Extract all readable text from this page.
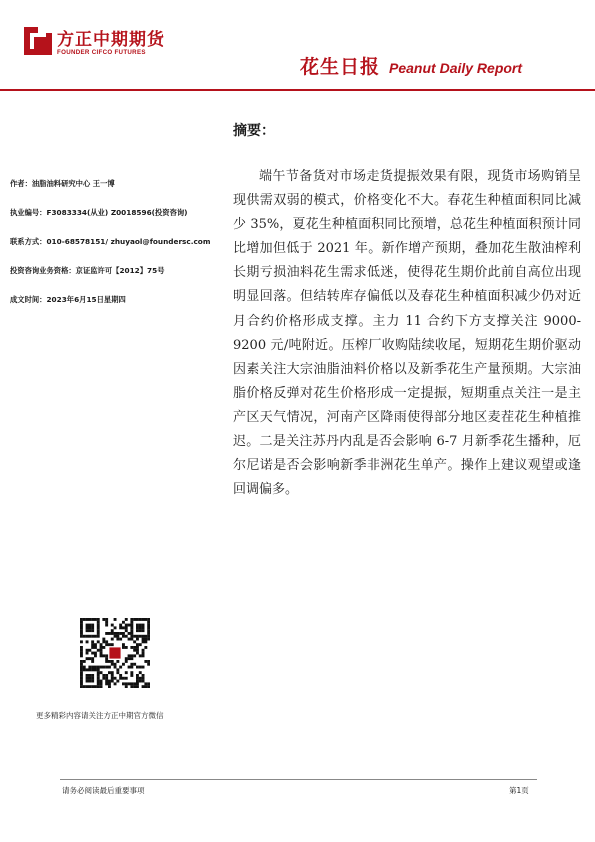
方正中期期货
FOUNDER CIFCO FUTURES
花生日报 Peanut Daily Report
作者：油脂油料研究中心 王一博
执业编号：F3083334(从业) Z0018596(投资咨询)
联系方式：010-68578151/ zhuyaol@foundersc.com
投资咨询业务资格：京证监许可【2012】75号
成文时间：2023年6月15日星期四
更多精彩内容请关注方正中期官方微信
摘要：
端午节备货对市场走货提振效果有限，现货市场购销呈现供需双弱的模式，价格变化不大。春花生种植面积同比减少 35%，夏花生种植面积同比预增，总花生种植面积预计同比增加但低于 2021 年。新作增产预期，叠加花生散油榨利长期亏损油料花生需求低迷，使得花生期价此前自高位出现明显回落。但结转库存偏低以及春花生种植面积减少仍对近月合约价格形成支撑。主力 11 合约下方支撑关注 9000-9200 元/吨附近。压榨厂收购陆续收尾，短期花生期价驱动因素关注大宗油脂油料价格以及新季花生产量预期。大宗油脂价格反弹对花生价格形成一定提振，短期重点关注一是主产区天气情况，河南产区降雨使得部分地区麦茬花生种植推迟。二是关注苏丹内乱是否会影响 6-7 月新季花生播种，厄尔尼诺是否会影响新季非洲花生单产。操作上建议观望或逢回调偏多。
请务必阅读最后重要事项	第1页
